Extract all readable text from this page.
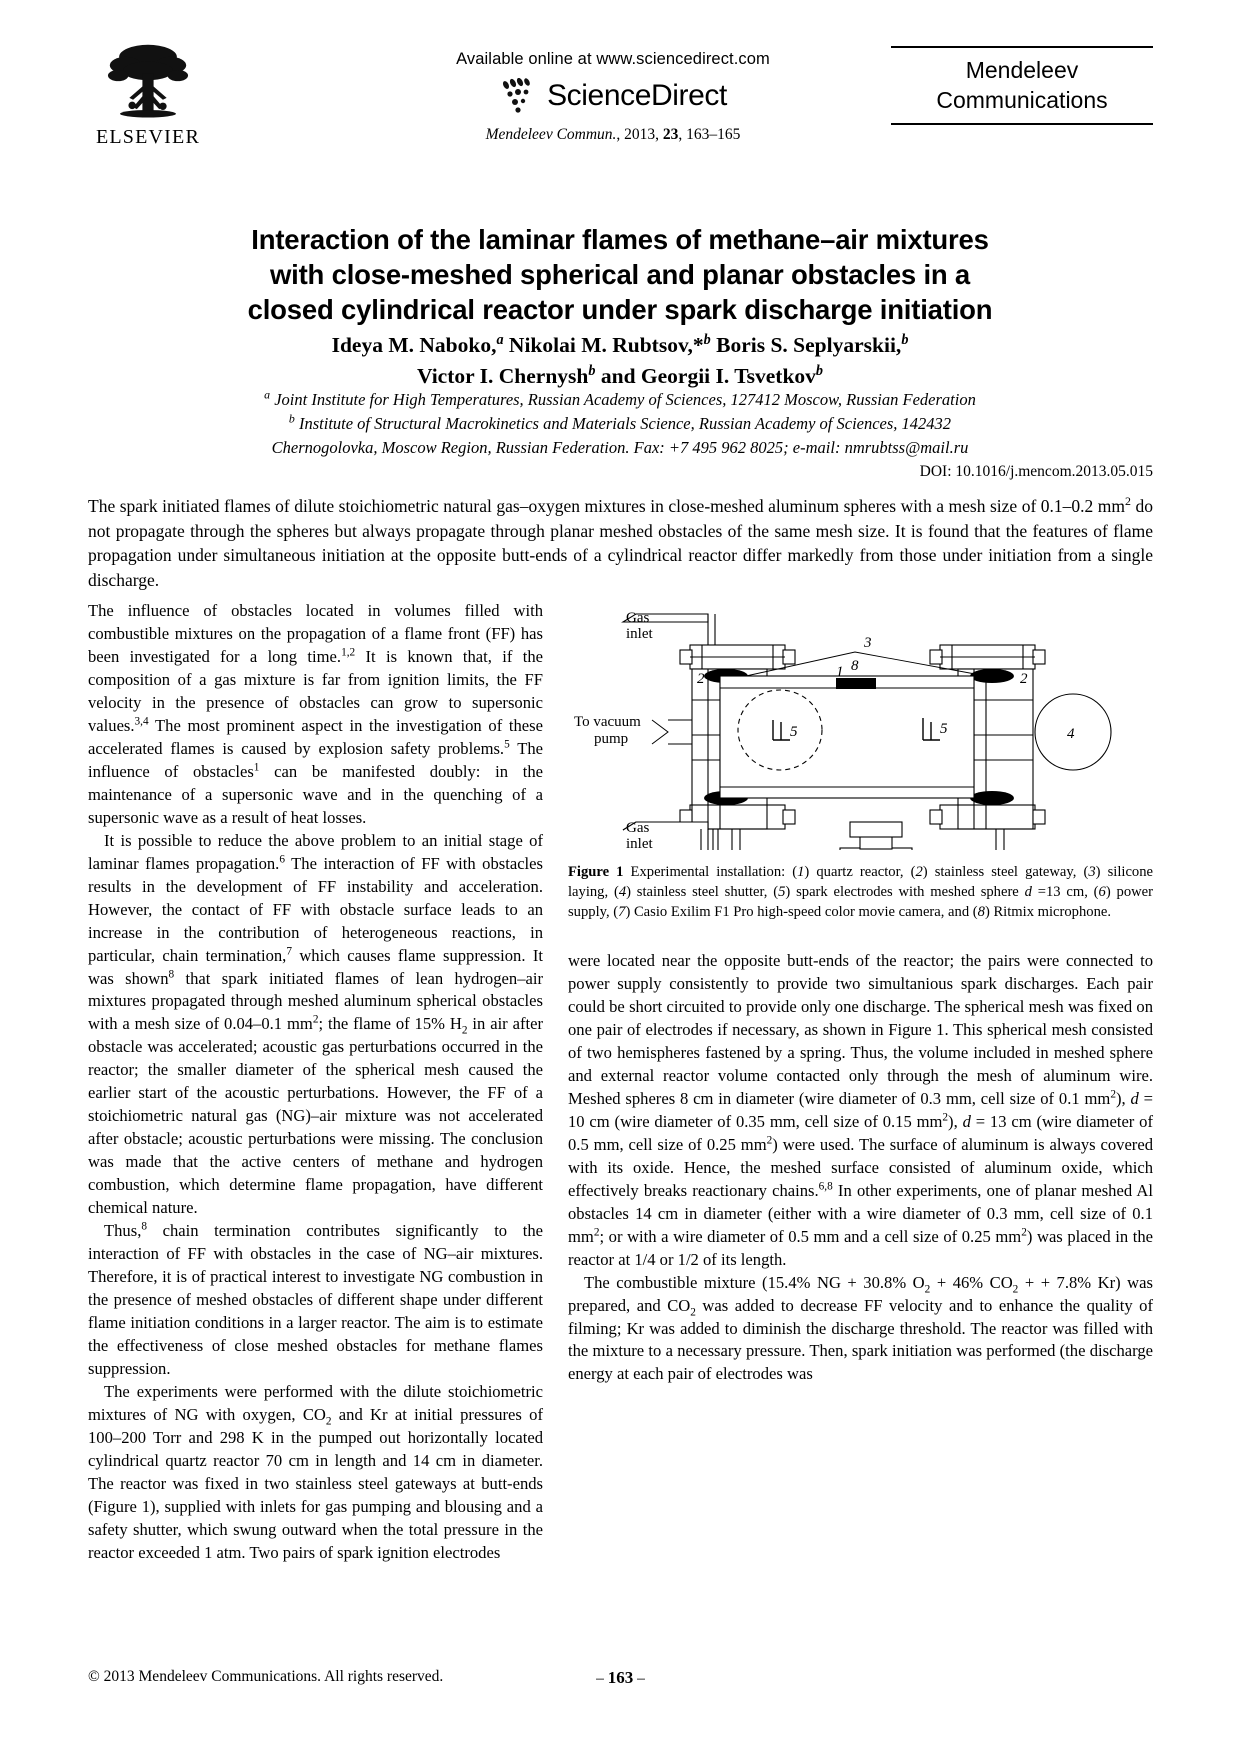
ELSEVIER
Available online at www.sciencedirect.com
ScienceDirect
Mendeleev Commun., 2013, 23, 163–165
Mendeleev
Communications
Interaction of the laminar flames of methane–air mixtures
with close-meshed spherical and planar obstacles in a
closed cylindrical reactor under spark discharge initiation
Ideya M. Naboko,$^a$ Nikolai M. Rubtsov,*$^b$ Boris S. Seplyarskii,$^b$
Victor I. Chernysh$^b$ and Georgii I. Tsvetkov$^b$
$^a$ Joint Institute for High Temperatures, Russian Academy of Sciences, 127412 Moscow, Russian Federation
$^b$ Institute of Structural Macrokinetics and Materials Science, Russian Academy of Sciences, 142432
Chernogolovka, Moscow Region, Russian Federation. Fax: +7 495 962 8025; e-mail: nmrubtss@mail.ru
DOI: 10.1016/j.mencom.2013.05.015
The spark initiated flames of dilute stoichiometric natural gas–oxygen mixtures in close-meshed aluminum spheres with a mesh size of 0.1–0.2 $mm^2$ do not propagate through the spheres but always propagate through planar meshed obstacles of the same mesh size. It is found that the features of flame propagation under simultaneous initiation at the opposite butt-ends of a cylindrical reactor differ markedly from those under initiation from a single discharge.
Gas
inlet
To vacuum
pump
Gas
inlet
1
2	2
3
4
5	5
8
Figure 1 Experimental installation: (1) quartz reactor, (2) stainless steel gateway, (3) silicone laying, (4) stainless steel shutter, (5) spark electrodes with meshed sphere d =13 cm, (6) power supply, (7) Casio Exilim F1 Pro high-speed color movie camera, and (8) Ritmix microphone.

The influence of obstacles located in volumes filled with combustible mixtures on the propagation of a flame front (FF) has been investigated for a long time.$^{1,2}$ It is known that, if the composition of a gas mixture is far from ignition limits, the FF velocity in the presence of obstacles can grow to supersonic values.$^{3,4}$ The most prominent aspect in the investigation of these accelerated flames is caused by explosion safety problems.$^5$ The influence of obstacles$^1$ can be manifested doubly: in the maintenance of a supersonic wave and in the quenching of a supersonic wave as a result of heat losses.

It is possible to reduce the above problem to an initial stage of laminar flames propagation.$^6$ The interaction of FF with obstacles results in the development of FF instability and acceleration. However, the contact of FF with obstacle surface leads to an increase in the contribution of heterogeneous reactions, in particular, chain termination,$^7$ which causes flame suppression. It was shown$^8$ that spark initiated flames of lean hydrogen–air mixtures propagated through meshed aluminum spherical obstacles with a mesh size of 0.04–0.1 $mm^2$; the flame of 15% $H_2$ in air after obstacle was accelerated; acoustic gas perturbations occurred in the reactor; the smaller diameter of the spherical mesh caused the earlier start of the acoustic perturbations. However, the FF of a stoichiometric natural gas (NG)–air mixture was not accelerated after obstacle; acoustic perturbations were missing. The conclusion was made that the active centers of methane and hydrogen combustion, which determine flame propagation, have different chemical nature.

Thus,$^8$ chain termination contributes significantly to the interaction of FF with obstacles in the case of NG–air mixtures. Therefore, it is of practical interest to investigate NG combustion in the presence of meshed obstacles of different shape under different flame initiation conditions in a larger reactor. The aim is to estimate the effectiveness of close meshed obstacles for methane flames suppression.

The experiments were performed with the dilute stoichiometric mixtures of NG with oxygen, $CO_2$ and Kr at initial pressures of 100–200 Torr and 298 K in the pumped out horizontally located cylindrical quartz reactor 70 cm in length and 14 cm in diameter. The reactor was fixed in two stainless steel gateways at butt-ends (Figure 1), supplied with inlets for gas pumping and blousing and a safety shutter, which swung outward when the total pressure in the reactor exceeded 1 atm. Two pairs of spark ignition electrodes

were located near the opposite butt-ends of the reactor; the pairs were connected to power supply consistently to provide two simultanious spark discharges. Each pair could be short circuited to provide only one discharge. The spherical mesh was fixed on one pair of electrodes if necessary, as shown in Figure 1. This spherical mesh consisted of two hemispheres fastened by a spring. Thus, the volume included in meshed sphere and external reactor volume contacted only through the mesh of aluminum wire. Meshed spheres 8 cm in diameter (wire diameter of 0.3 mm, cell size of 0.1 $mm^2$), d = 10 cm (wire diameter of 0.35 mm, cell size of 0.15 $mm^2$), d = 13 cm (wire diameter of 0.5 mm, cell size of 0.25 $mm^2$) were used. The surface of aluminum is always covered with its oxide. Hence, the meshed surface consisted of aluminum oxide, which effectively breaks reactionary chains.$^{6,8}$ In other experiments, one of planar meshed Al obstacles 14 cm in diameter (either with a wire diameter of 0.3 mm, cell size of 0.1 $mm^2$; or with a wire diameter of 0.5 mm and a cell size of 0.25 $mm^2$) was placed in the reactor at 1/4 or 1/2 of its length.

The combustible mixture (15.4% NG + 30.8% $O_2 + 46\%$ $CO_2$ + + 7.8% Kr) was prepared, and $CO_2$ was added to decrease FF velocity and to enhance the quality of filming; Kr was added to diminish the discharge threshold. The reactor was filled with the mixture to a necessary pressure. Then, spark initiation was performed (the discharge energy at each pair of electrodes was

© 2013 Mendeleev Communications. All rights reserved.	– 163 –
